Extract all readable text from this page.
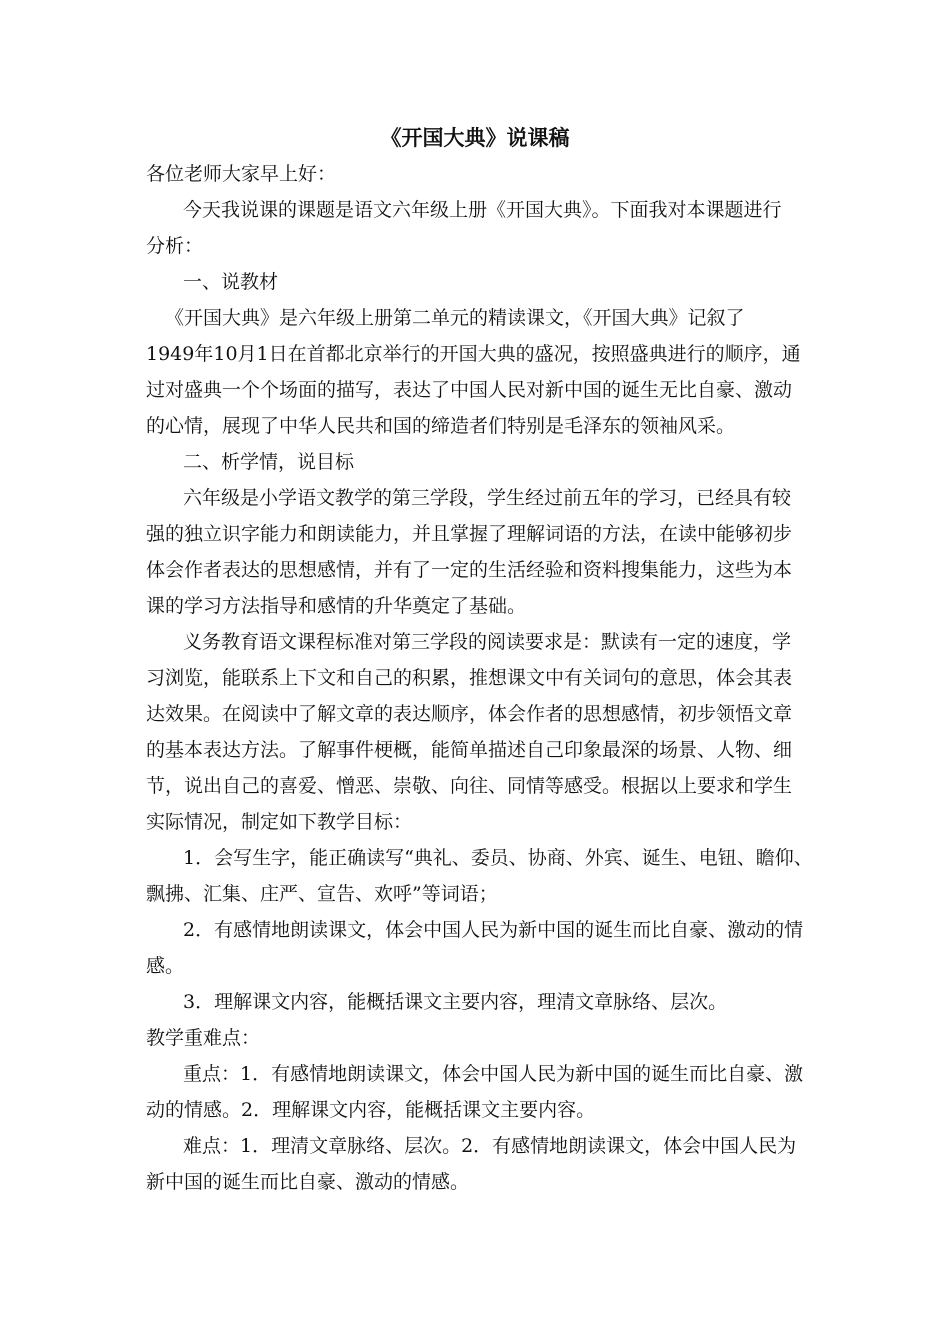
《开国大典》说课稿
各位老师大家早上好：
今天我说课的课题是语文六年级上册《开国大典》。下面我对本课题进行
分析：
一、说教材
《开国大典》是六年级上册第二单元的精读课文，《开国大典》记叙了
1949年10月1日在首都北京举行的开国大典的盛况，按照盛典进行的顺序，通
过对盛典一个个场面的描写，表达了中国人民对新中国的诞生无比自豪、激动
的心情，展现了中华人民共和国的缔造者们特别是毛泽东的领袖风采。
二、析学情，说目标
六年级是小学语文教学的第三学段，学生经过前五年的学习，已经具有较
强的独立识字能力和朗读能力，并且掌握了理解词语的方法，在读中能够初步
体会作者表达的思想感情，并有了一定的生活经验和资料搜集能力，这些为本
课的学习方法指导和感情的升华奠定了基础。
义务教育语文课程标准对第三学段的阅读要求是：默读有一定的速度，学
习浏览，能联系上下文和自己的积累，推想课文中有关词句的意思，体会其表
达效果。在阅读中了解文章的表达顺序，体会作者的思想感情，初步领悟文章
的基本表达方法。了解事件梗概，能简单描述自己印象最深的场景、人物、细
节，说出自己的喜爱、憎恶、崇敬、向往、同情等感受。根据以上要求和学生
实际情况，制定如下教学目标：
1．会写生字，能正确读写“典礼、委员、协商、外宾、诞生、电钮、瞻仰、
飘拂、汇集、庄严、宣告、欢呼”等词语；
2．有感情地朗读课文，体会中国人民为新中国的诞生而比自豪、激动的情
感。
3．理解课文内容，能概括课文主要内容，理清文章脉络、层次。
教学重难点：
重点：1．有感情地朗读课文，体会中国人民为新中国的诞生而比自豪、激
动的情感。2．理解课文内容，能概括课文主要内容。
难点：1．理清文章脉络、层次。2．有感情地朗读课文，体会中国人民为
新中国的诞生而比自豪、激动的情感。
